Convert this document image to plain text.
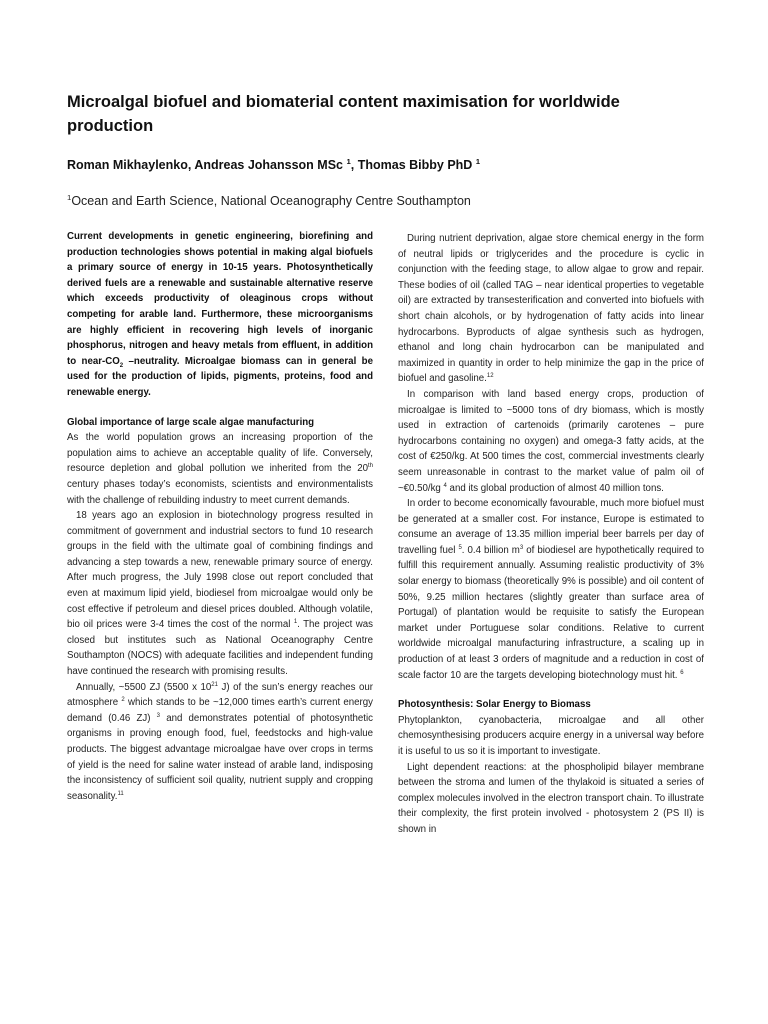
Microalgal biofuel and biomaterial content maximisation for worldwide production

Roman Mikhaylenko, Andreas Johansson MSc $^1$, Thomas Bibby PhD $^1$

$^1$Ocean and Earth Science, National Oceanography Centre Southampton

Current developments in genetic engineering, biorefining and production technologies shows potential in making algal biofuels a primary source of energy in 10-15 years. Photosynthetically derived fuels are a renewable and sustainable alternative reserve which exceeds productivity of oleaginous crops without competing for arable land. Furthermore, these microorganisms are highly efficient in recovering high levels of inorganic phosphorus, nitrogen and heavy metals from effluent, in addition to near-$CO_2$ –neutrality. Microalgae biomass can in general be used for the production of lipids, pigments, proteins, food and renewable energy.

Global importance of large scale algae manufacturing

As the world population grows an increasing proportion of the population aims to achieve an acceptable quality of life. Conversely, resource depletion and global pollution we inherited from the 20th century phases today’s economists, scientists and environmentalists with the challenge of rebuilding industry to meet current demands.

18 years ago an explosion in biotechnology progress resulted in commitment of government and industrial sectors to fund 10 research groups in the field with the ultimate goal of combining findings and advancing a step towards a new, renewable primary source of energy. After much progress, the July 1998 close out report concluded that even at maximum lipid yield, biodiesel from microalgae would only be cost effective if petroleum and diesel prices doubled. Although volatile, bio oil prices were 3-4 times the cost of the normal $^1$. The project was closed but institutes such as National Oceanography Centre Southampton (NOCS) with adequate facilities and independent funding have continued the research with promising results.

Annually, ~5500 ZJ (5500 x $10^{21}$ J) of the sun’s energy reaches our atmosphere $^2$ which stands to be ~12,000 times earth’s current energy demand (0.46 ZJ) $^3$ and demonstrates potential of photosynthetic organisms in proving enough food, fuel, feedstocks and high-value products. The biggest advantage microalgae have over crops in terms of yield is the need for saline water instead of arable land, indisposing the inconsistency of sufficient soil quality, nutrient supply and cropping seasonality.$^{11}$

During nutrient deprivation, algae store chemical energy in the form of neutral lipids or triglycerides and the procedure is cyclic in conjunction with the feeding stage, to allow algae to grow and repair. These bodies of oil (called TAG – near identical properties to vegetable oil) are extracted by transesterification and converted into biofuels with short chain alcohols, or by hydrogenation of fatty acids into linear hydrocarbons. Byproducts of algae synthesis such as hydrogen, ethanol and long chain hydrocarbon can be manipulated and maximized in quantity in order to help minimize the gap in the price of biofuel and gasoline.$^{12}$

In comparison with land based energy crops, production of microalgae is limited to ~5000 tons of dry biomass, which is mostly used in extraction of cartenoids (primarily carotenes – pure hydrocarbons containing no oxygen) and omega-3 fatty acids, at the cost of €250/kg. At 500 times the cost, commercial investments clearly seem unreasonable in contrast to the market value of palm oil of ~€0.50/kg $^4$ and its global production of almost 40 million tons.

In order to become economically favourable, much more biofuel must be generated at a smaller cost. For instance, Europe is estimated to consume an average of 13.35 million imperial beer barrels per day of travelling fuel $^5$. 0.4 billion $m^3$ of biodiesel are hypothetically required to fulfill this requirement annually. Assuming realistic productivity of 3% solar energy to biomass (theoretically 9% is possible) and oil content of 50%, 9.25 million hectares (slightly greater than surface area of Portugal) of plantation would be requisite to satisfy the European market under Portuguese solar conditions. Relative to current worldwide microalgal manufacturing infrastructure, a scaling up in production of at least 3 orders of magnitude and a reduction in cost of scale factor 10 are the targets developing biotechnology must hit. $^6$

Photosynthesis: Solar Energy to Biomass

Phytoplankton, cyanobacteria, microalgae and all other chemosynthesising producers acquire energy in a universal way before it is useful to us so it is important to investigate.

Light dependent reactions: at the phospholipid bilayer membrane between the stroma and lumen of the thylakoid is situated a series of complex molecules involved in the electron transport chain. To illustrate their complexity, the first protein involved - photosystem 2 (PS II) is shown in
